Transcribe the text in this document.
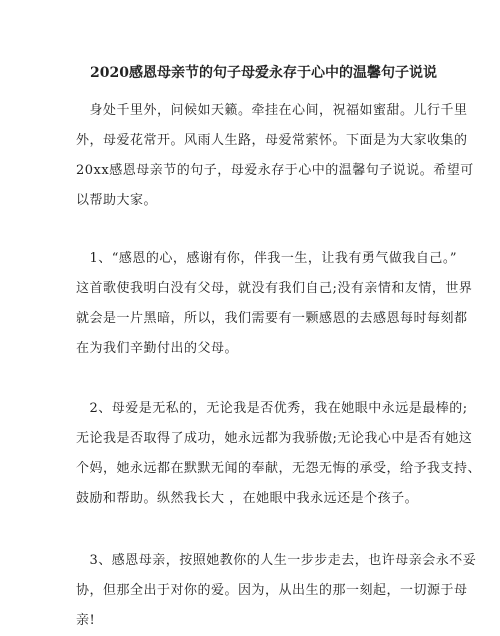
2020感恩母亲节的句子母爱永存于心中的温馨句子说说

　身处千里外，问候如天籁。牵挂在心间，祝福如蜜甜。儿行千里
外，母爱花常开。风雨人生路，母爱常萦怀。下面是为大家收集的
20xx感恩母亲节的句子，母爱永存于心中的温馨句子说说。希望可
以帮助大家。

　1、“感恩的心，感谢有你，伴我一生，让我有勇气做我自己。”
这首歌使我明白没有父母，就没有我们自己;没有亲情和友情，世界
就会是一片黑暗，所以，我们需要有一颗感恩的去感恩每时每刻都
在为我们辛勤付出的父母。

　2、母爱是无私的，无论我是否优秀，我在她眼中永远是最棒的;
无论我是否取得了成功，她永远都为我骄傲;无论我心中是否有她这
个妈，她永远都在默默无闻的奉献，无怨无悔的承受，给予我支持、
鼓励和帮助。纵然我长大 ，在她眼中我永远还是个孩子。

　3、感恩母亲，按照她教你的人生一步步走去，也许母亲会永不妥
协，但那全出于对你的爱。因为，从出生的那一刻起，一切源于母
亲!
